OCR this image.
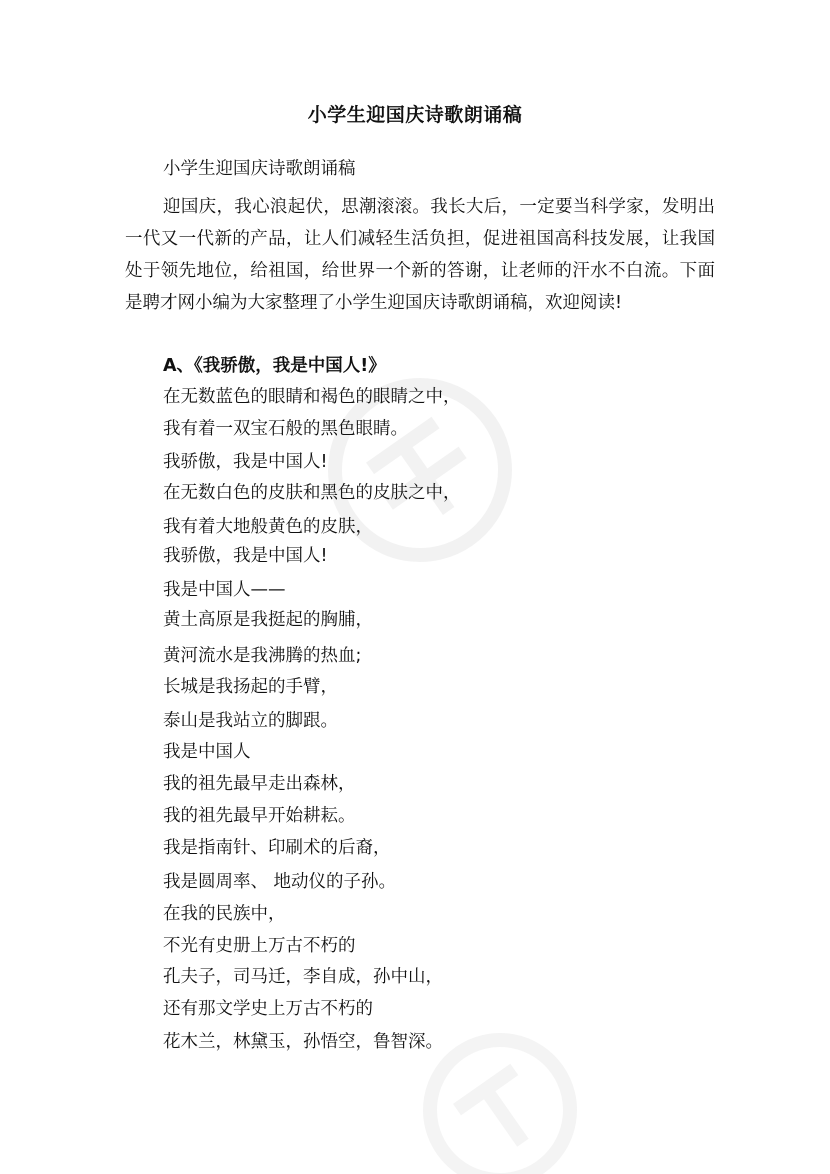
小学生迎国庆诗歌朗诵稿
小学生迎国庆诗歌朗诵稿

迎国庆，我心浪起伏，思潮滚滚。我长大后，一定要当科学家，发明出一代又一代新的产品，让人们减轻生活负担，促进祖国高科技发展，让我国处于领先地位，给祖国，给世界一个新的答谢，让老师的汗水不白流。下面是聘才网小编为大家整理了小学生迎国庆诗歌朗诵稿，欢迎阅读!

A、《我骄傲，我是中国人!》
在无数蓝色的眼睛和褐色的眼睛之中，
我有着一双宝石般的黑色眼睛。
我骄傲，我是中国人!
在无数白色的皮肤和黑色的皮肤之中，
我有着大地般黄色的皮肤，
我骄傲，我是中国人!
我是中国人——
黄土高原是我挺起的胸脯，
黄河流水是我沸腾的热血;
长城是我扬起的手臂，
泰山是我站立的脚跟。
我是中国人
我的祖先最早走出森林，
我的祖先最早开始耕耘。
我是指南针、印刷术的后裔，
我是圆周率、 地动仪的子孙。
在我的民族中，
不光有史册上万古不朽的
孔夫子，司马迁，李自成，孙中山，
还有那文学史上万古不朽的
花木兰，林黛玉，孙悟空，鲁智深。
